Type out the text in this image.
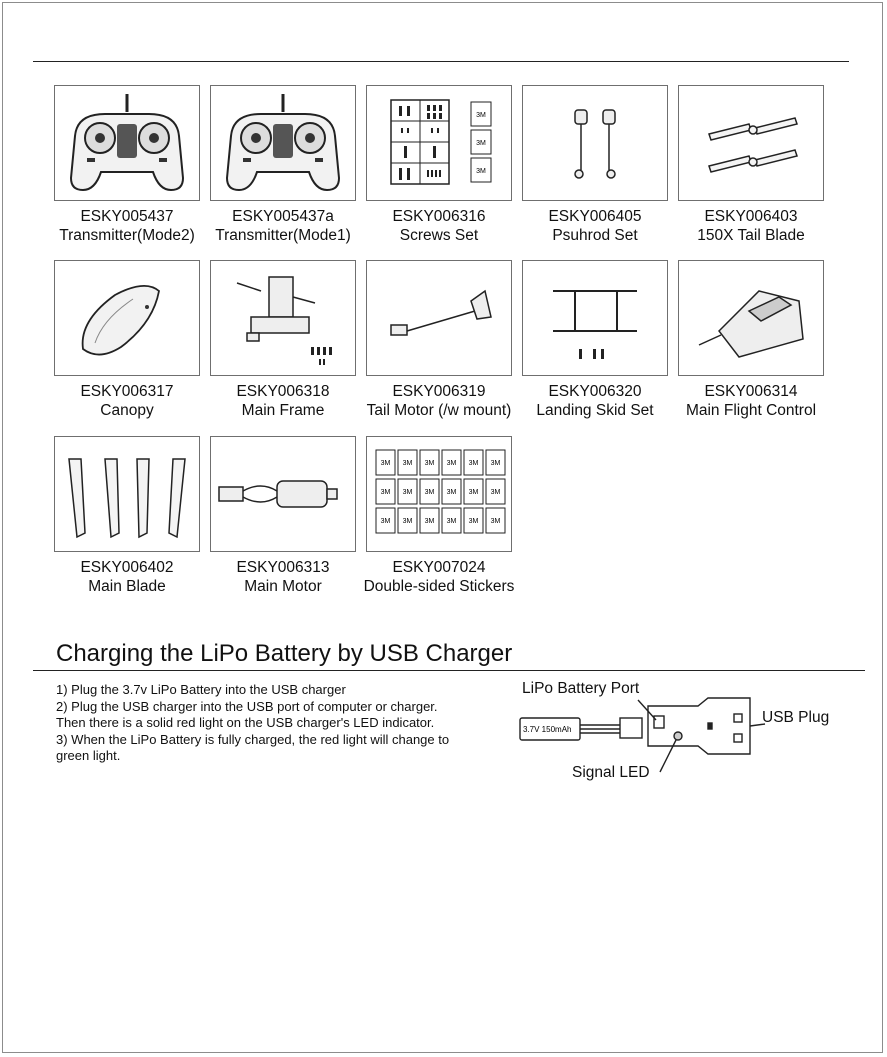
ESKY005437
Transmitter(Mode2)
ESKY005437a
Transmitter(Mode1)
3M
3M
3M
ESKY006316
Screws Set
ESKY006405
Psuhrod Set
ESKY006403
150X Tail Blade
ESKY006317
Canopy
ESKY006318
Main Frame
ESKY006319
Tail Motor (/w mount)
ESKY006320
Landing Skid Set
ESKY006314
Main Flight Control
ESKY006402
Main Blade
ESKY006313
Main Motor
3M 3M 3M 3M 3M 3M
3M 3M 3M 3M 3M 3M
3M 3M 3M 3M 3M 3M
ESKY007024
Double-sided Stickers
Charging the LiPo Battery by USB Charger

1) Plug the 3.7v LiPo Battery into the USB charger

2) Plug the USB charger into the USB port of computer or charger.

Then there is a solid red light on the USB charger's LED indicator.

3) When the LiPo Battery is fully charged, the red light will change to

green light.

3.7V 150mAh
LiPo Battery Port
USB Plug
Signal LED
